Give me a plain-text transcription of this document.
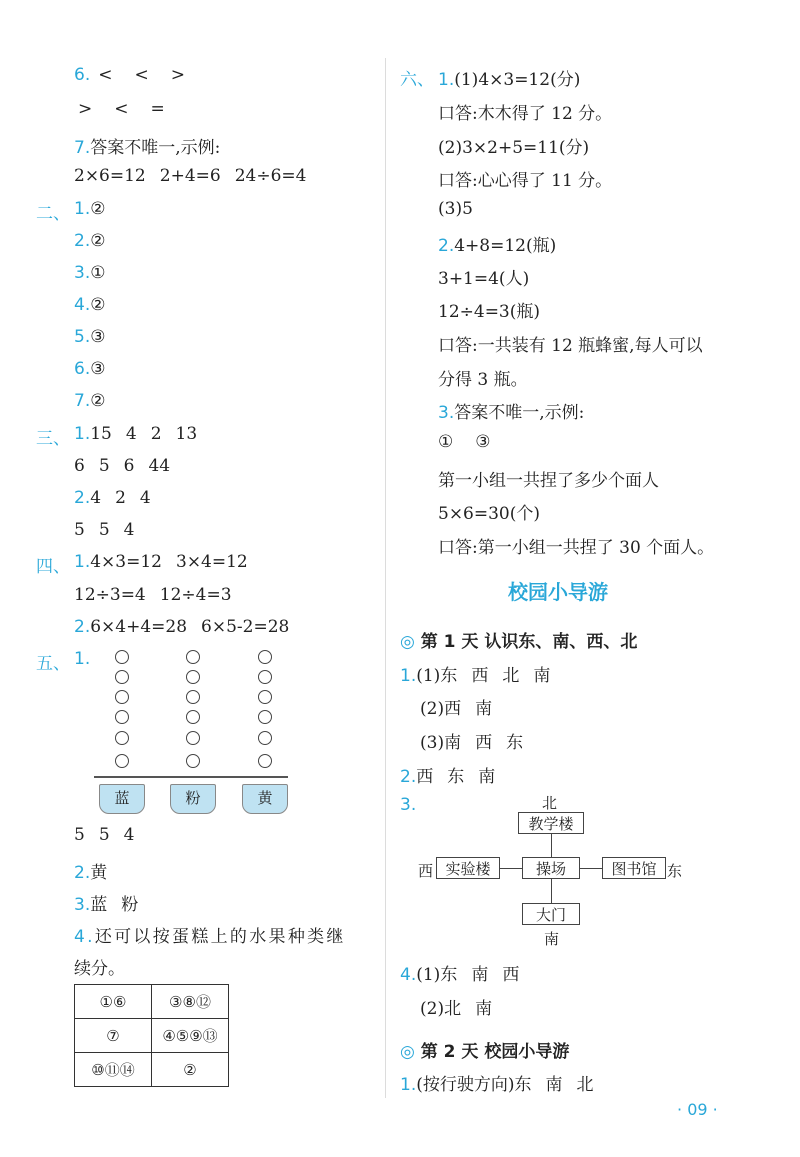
6. < < >
> < =
7.答案不唯一,示例:
2×6=12 2+4=6 24÷6=4
二、 1.②
2.②
3.①
4.②
5.③
6.③
7.②
三、 1.15 4 2 13
6 5 6 44
2.4 2 4
5 5 4
四、 1.4×3=12 3×4=12
12÷3=4 12÷4=3
2.6×4+4=28 6×5-2=28
五、 1.
蓝	粉	黄
5 5 4
2.黄
3.蓝 粉
4.还可以按蛋糕上的水果种类继
续分。
①⑥	③⑧⑫
⑦	④⑤⑨⑬
⑩⑪⑭	②
六、 1.(1)4×3=12(分)
口答:木木得了 12 分。
(2)3×2+5=11(分)
口答:心心得了 11 分。
(3)5
2.4+8=12(瓶)
3+1=4(人)
12÷4=3(瓶)
口答:一共装有 12 瓶蜂蜜,每人可以
分得 3 瓶。
3.答案不唯一,示例:
① ③
第一小组一共捏了多少个面人
5×6=30(个)
口答:第一小组一共捏了 30 个面人。
校园小导游
◎ 第 1 天 认识东、南、西、北
1.(1)东 西 北 南
(2)西 南
(3)南 西 东
2.西 东 南
3.	北
教学楼
西 实验楼	操场	图书馆 东
大门
南
4.(1)东 南 西
(2)北 南
◎ 第 2 天 校园小导游
1.(按行驶方向)东 南 北
· 09 ·
